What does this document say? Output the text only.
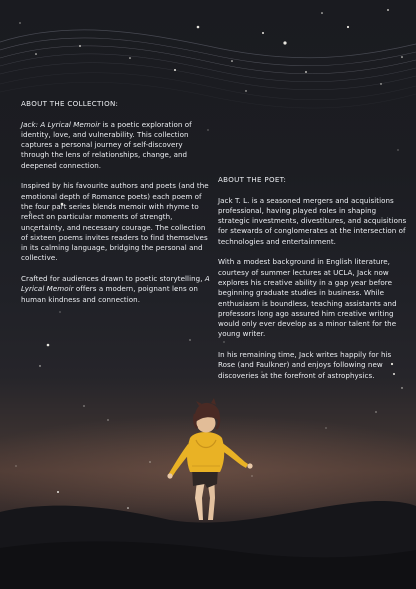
ABOUT THE COLLECTION:

Jack: A Lyrical Memoir is a poetic exploration of identity, love, and vulnerability. This collection captures a personal journey of self-discovery through the lens of relationships, change, and deepened connection.

Inspired by his favourite authors and poets (and the emotional depth of Romance poets) each poem of the four part series blends memoir with rhyme to reflect on particular moments of strength, uncertainty, and necessary courage. The collection of sixteen poems invites readers to find themselves in its calming language, bridging the personal and collective.

Crafted for audiences drawn to poetic storytelling, A Lyrical Memoir offers a modern, poignant lens on human kindness and connection.

ABOUT THE POET:

Jack T. L. is a seasoned mergers and acquisitions professional, having played roles in shaping strategic investments, divestitures, and acquisitions for stewards of conglomerates at the intersection of technologies and entertainment.

With a modest background in English literature, courtesy of summer lectures at UCLA, Jack now explores his creative ability in a gap year before beginning graduate studies in business. While enthusiasm is boundless, teaching assistants and professors long ago assured him creative writing would only ever develop as a minor talent for the young writer.

In his remaining time, Jack writes happily for his Rose (and Faulkner) and enjoys following new discoveries at the forefront of astrophysics.
